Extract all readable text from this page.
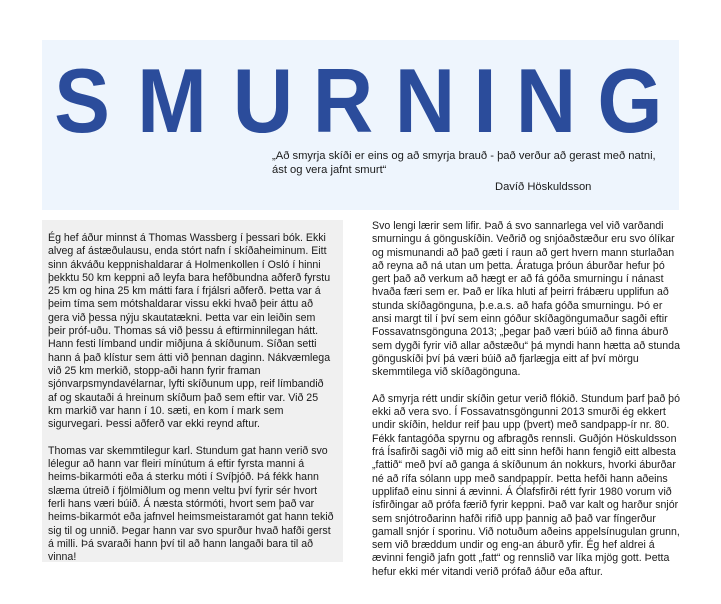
S M U R N I N G
„Að smyrja skíði er eins og að smyrja brauð - það verður að gerast með natni, ást og vera jafnt smurt“
Davíð Höskuldsson

Ég hef áður minnst á Thomas Wassberg í þessari bók. Ekki alveg af ástæðulausu, enda stórt nafn í skíðaheiminum. Eitt sinn ákváðu keppnishaldarar á Holmenkollen í Osló í hinni þekktu 50 km keppni að leyfa bara hefðbundna aðferð fyrstu 25 km og hina 25 km mátti fara í frjálsri aðferð. Þetta var á þeim tíma sem mótshaldarar vissu ekki hvað þeir áttu að gera við þessa nýju skautatækni. Þetta var ein leiðin sem þeir próf-uðu. Thomas sá við þessu á eftirminnilegan hátt. Hann festi límband undir miðjuna á skíðunum. Síðan setti hann á það klístur sem átti við þennan daginn. Nákvæmlega við 25 km merkið, stopp-aði hann fyrir framan sjónvarpsmyndavélarnar, lyfti skíðunum upp, reif límbandið af og skautaði á hreinum skíðum það sem eftir var. Við 25 km markið var hann í 10. sæti, en kom í mark sem sigurvegari. Þessi aðferð var ekki reynd aftur.

Thomas var skemmtilegur karl. Stundum gat hann verið svo lélegur að hann var fleiri mínútum á eftir fyrsta manni á heims-bikarmóti eða á sterku móti í Svíþjóð. Þá fékk hann slæma útreið í fjölmiðlum og menn veltu því fyrir sér hvort ferli hans væri búið. Á næsta stórmóti, hvort sem það var heims-bikarmót eða jafnvel heimsmeistaramót gat hann tekið sig til og unnið. Þegar hann var svo spurður hvað hafði gerst á milli. Þá svaraði hann því til að hann langaði bara til að vinna!

Svo lengi lærir sem lifir. Það á svo sannarlega vel við varðandi smurningu á gönguskíðin. Veðrið og snjóaðstæður eru svo ólíkar og mismunandi að það gæti í raun að gert hvern mann sturlaðan að reyna að ná utan um þetta. Áratuga þróun áburðar hefur þó gert það að verkum að hægt er að fá góða smurningu í nánast hvaða færi sem er. Það er líka hluti af þeirri frábæru upplifun að stunda skíðagönguna, þ.e.a.s. að hafa góða smurningu. Þó er ansi margt til í því sem einn góður skíðagöngumaður sagði eftir Fossavatnsgönguna 2013; „þegar það væri búið að finna áburð sem dygði fyrir við allar aðstæðu“ þá myndi hann hætta að stunda gönguskíði því þá væri búið að fjarlægja eitt af því mörgu skemmtilega við skíðagönguna.

Að smyrja rétt undir skíðin getur verið flókið. Stundum þarf það þó ekki að vera svo. Í Fossavatnsgöngunni 2013 smurði ég ekkert undir skíðin, heldur reif þau upp (þvert) með sandpapp-ír nr. 80. Fékk fantagóða spyrnu og afbragðs rennsli. Guðjón Höskuldsson frá Ísafirði sagði við mig að eitt sinn hefði hann fengið eitt albesta „fattið“ með því að ganga á skíðunum án nokkurs, hvorki áburðar né að rífa sólann upp með sandpappír. Þetta hefði hann aðeins upplifað einu sinni á ævinni. Á Ólafsfirði rétt fyrir 1980 vorum við ísfirðingar að prófa færið fyrir keppni. Það var kalt og harður snjór sem snjótroðarinn hafði rifið upp þannig að það var fíngerður gamall snjór í sporinu. Við notuðum aðeins appelsínugulan grunn, sem við bræddum undir og eng-an áburð yfir. Ég hef aldrei á ævinni fengið jafn gott „fatt“ og rennslið var líka mjög gott. Þetta hefur ekki mér vitandi verið prófað áður eða aftur.
